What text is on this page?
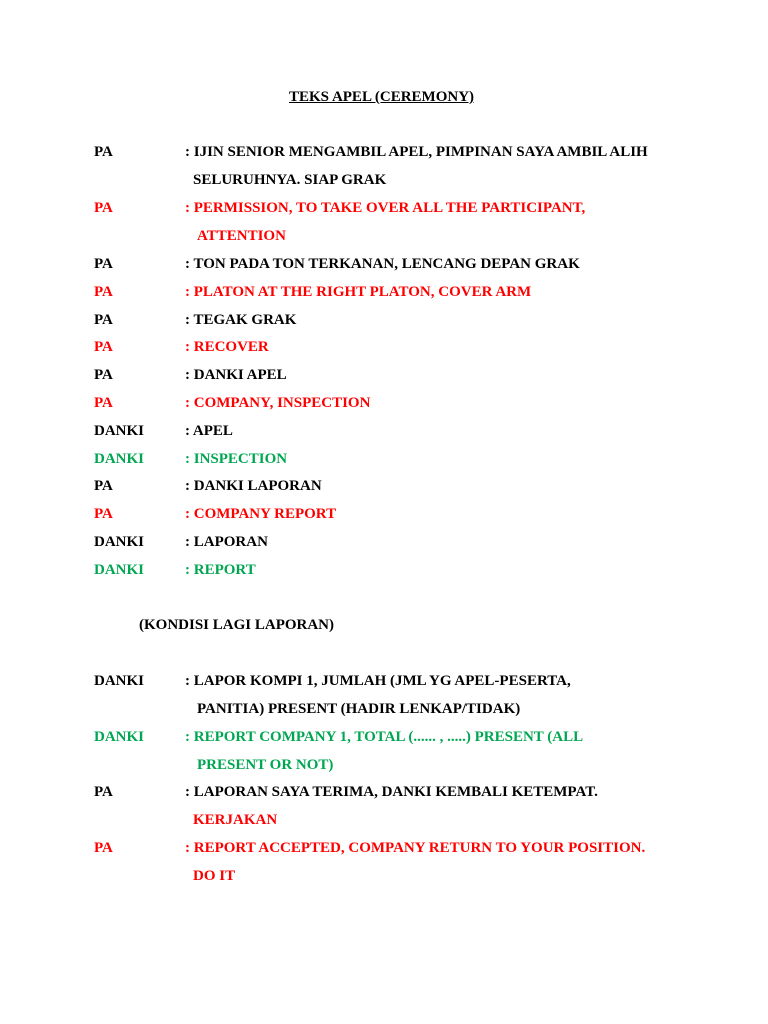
TEKS APEL (CEREMONY)
PA	: IJIN SENIOR MENGAMBIL APEL, PIMPINAN SAYA AMBIL ALIH
SELURUHNYA. SIAP GRAK
PA	: PERMISSION, TO TAKE OVER ALL THE PARTICIPANT,
ATTENTION
PA	: TON PADA TON TERKANAN, LENCANG DEPAN GRAK
PA	: PLATON AT THE RIGHT PLATON, COVER ARM
PA	: TEGAK GRAK
PA	: RECOVER
PA	: DANKI APEL
PA	: COMPANY, INSPECTION
DANKI	: APEL
DANKI	: INSPECTION
PA	: DANKI LAPORAN
PA	: COMPANY REPORT
DANKI	: LAPORAN
DANKI	: REPORT
(KONDISI LAGI LAPORAN)
DANKI	: LAPOR KOMPI 1, JUMLAH (JML YG APEL-PESERTA,
PANITIA) PRESENT (HADIR LENKAP/TIDAK)
DANKI	: REPORT COMPANY 1, TOTAL (...... , .....) PRESENT (ALL
PRESENT OR NOT)
PA	: LAPORAN SAYA TERIMA, DANKI KEMBALI KETEMPAT.
KERJAKAN
PA	: REPORT ACCEPTED, COMPANY RETURN TO YOUR POSITION.
DO IT
